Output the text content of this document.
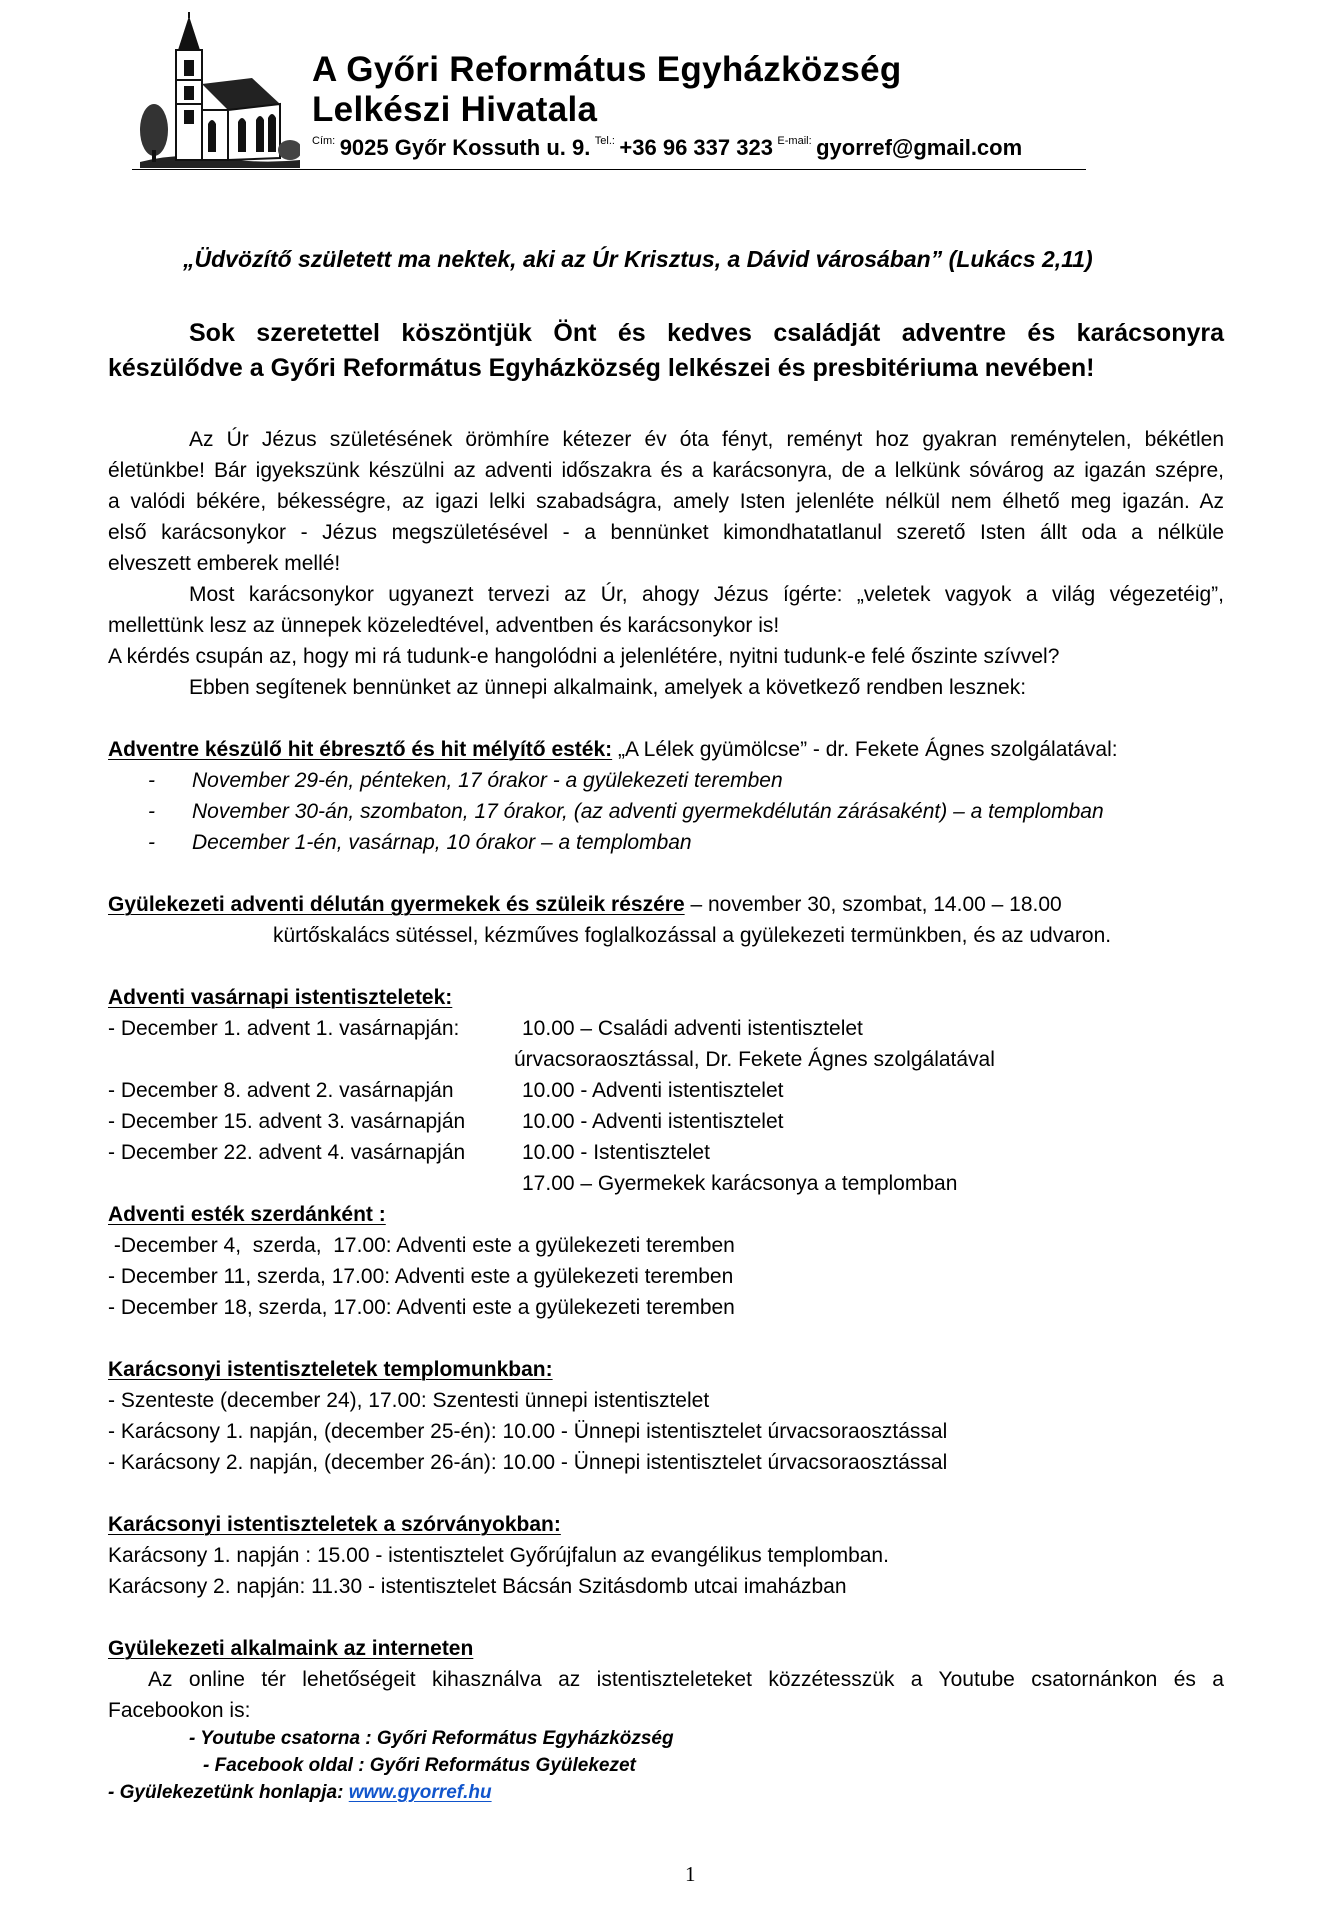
A Győri Református Egyházközség
Lelkészi Hivatala
$^{Cím:}$ 9025 Győr Kossuth u. 9. $^{Tel.:}$ +36 96 337 323 $^{E-mail:}$ gyorref@gmail.com
„Üdvözítő született ma nektek, aki az Úr Krisztus, a Dávid városában” (Lukács 2,11)
Sok szeretettel köszöntjük Önt és kedves családját adventre és karácsonyra
készülődve a Győri Református Egyházközség lelkészei és presbitériuma nevében!
Az Úr Jézus születésének örömhíre kétezer év óta fényt, reményt hoz gyakran reménytelen, békétlen
életünkbe! Bár igyekszünk készülni az adventi időszakra és a karácsonyra, de a lelkünk sóvárog az igazán szépre,
a valódi békére, békességre, az igazi lelki szabadságra, amely Isten jelenléte nélkül nem élhető meg igazán. Az
első karácsonykor - Jézus megszületésével - a bennünket kimondhatatlanul szerető Isten állt oda a nélküle
elveszett emberek mellé!
Most karácsonykor ugyanezt tervezi az Úr, ahogy Jézus ígérte: „veletek vagyok a világ végezetéig”,
mellettünk lesz az ünnepek közeledtével, adventben és karácsonykor is!
A kérdés csupán az, hogy mi rá tudunk-e hangolódni a jelenlétére, nyitni tudunk-e felé őszinte szívvel?
Ebben segítenek bennünket az ünnepi alkalmaink, amelyek a következő rendben lesznek:
Adventre készülő hit ébresztő és hit mélyítő esték: „A Lélek gyümölcse” - dr. Fekete Ágnes szolgálatával:
- November 29-én, pénteken, 17 órakor - a gyülekezeti teremben
- November 30-án, szombaton, 17 órakor, (az adventi gyermekdélután zárásaként) – a templomban
- December 1-én, vasárnap, 10 órakor – a templomban
Gyülekezeti adventi délután gyermekek és szüleik részére – november 30, szombat, 14.00 – 18.00
kürtőskalács sütéssel, kézműves foglalkozással a gyülekezeti termünkben, és az udvaron.
Adventi vasárnapi istentiszteletek:
- December 1. advent 1. vasárnapján:	10.00 – Családi adventi istentisztelet
úrvacsoraosztással, Dr. Fekete Ágnes szolgálatával
- December 8. advent 2. vasárnapján	10.00 - Adventi istentisztelet
- December 15. advent 3. vasárnapján	10.00 - Adventi istentisztelet
- December 22. advent 4. vasárnapján	10.00 - Istentisztelet
17.00 – Gyermekek karácsonya a templomban
Adventi esték szerdánként :
-December 4,  szerda,  17.00: Adventi este a gyülekezeti teremben
- December 11, szerda, 17.00: Adventi este a gyülekezeti teremben
- December 18, szerda, 17.00: Adventi este a gyülekezeti teremben
Karácsonyi istentiszteletek templomunkban:
- Szenteste (december 24), 17.00: Szentesti ünnepi istentisztelet
- Karácsony 1. napján, (december 25-én): 10.00 - Ünnepi istentisztelet úrvacsoraosztással
- Karácsony 2. napján, (december 26-án): 10.00 - Ünnepi istentisztelet úrvacsoraosztással
Karácsonyi istentiszteletek a szórványokban:
Karácsony 1. napján : 15.00 - istentisztelet Győrújfalun az evangélikus templomban.
Karácsony 2. napján: 11.30 - istentisztelet Bácsán Szitásdomb utcai imaházban
Gyülekezeti alkalmaink az interneten
Az online tér lehetőségeit kihasználva az istentiszteleteket közzétesszük a Youtube csatornánkon és a
Facebookon is:
- Youtube csatorna : Győri Református Egyházközség
- Facebook oldal : Győri Református Gyülekezet
- Gyülekezetünk honlapja: www.gyorref.hu
1
